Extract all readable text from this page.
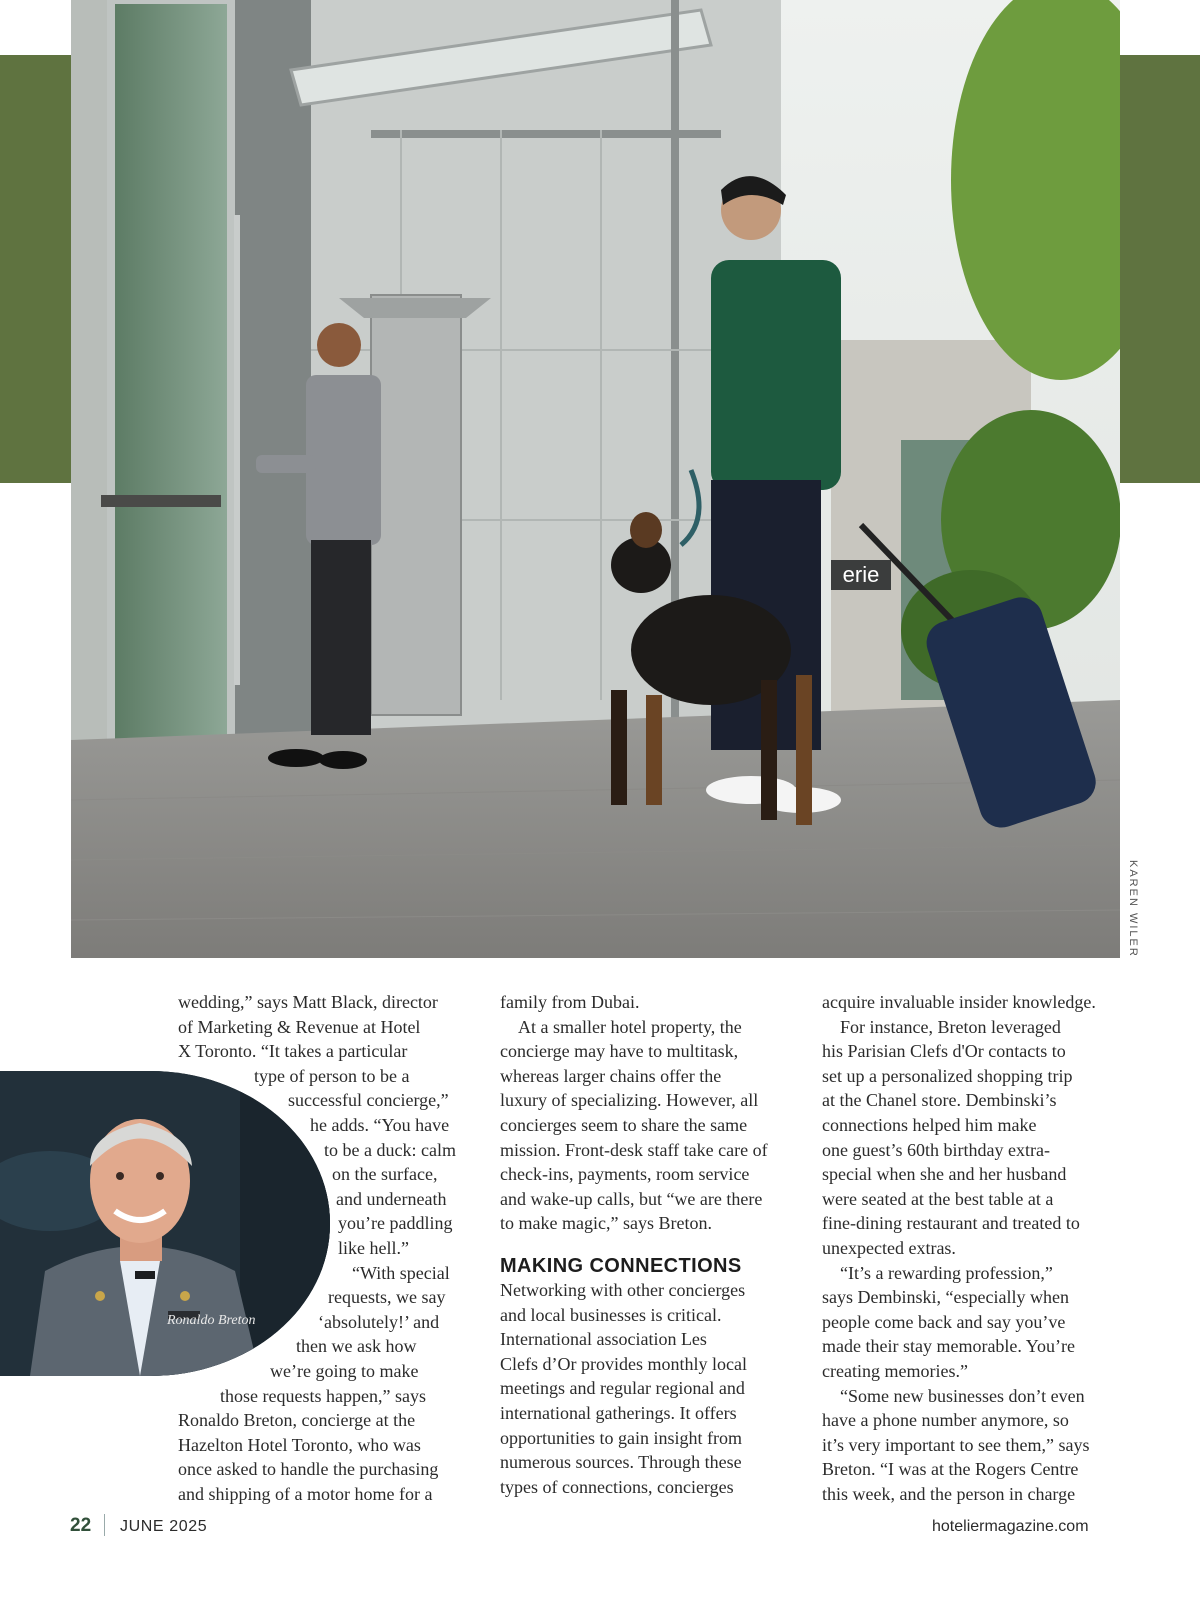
erie
KAREN WILER
wedding,” says Matt Black, director
of Marketing & Revenue at Hotel
X Toronto. “It takes a particular
type of person to be a
successful concierge,”
he adds. “You have
to be a duck: calm
on the surface,
and underneath
you’re paddling
like hell.”
“With special
requests, we say
‘absolutely!’ and
then we ask how
we’re going to make
those requests happen,” says
Ronaldo Breton, concierge at the
Hazelton Hotel Toronto, who was
once asked to handle the purchasing
and shipping of a motor home for a
Ronaldo Breton
family from Dubai.
At a smaller hotel property, the
concierge may have to multitask,
whereas larger chains offer the
luxury of specializing. However, all
concierges seem to share the same
mission. Front-desk staff take care of
check-ins, payments, room service
and wake-up calls, but “we are there
to make magic,” says Breton.

MAKING CONNECTIONS

Networking with other concierges
and local businesses is critical.
International association Les
Clefs d’Or provides monthly local
meetings and regular regional and
international gatherings. It offers
opportunities to gain insight from
numerous sources. Through these
types of connections, concierges
acquire invaluable insider knowledge.
For instance, Breton leveraged
his Parisian Clefs d'Or contacts to
set up a personalized shopping trip
at the Chanel store. Dembinski’s
connections helped him make
one guest’s 60th birthday extra-
special when she and her husband
were seated at the best table at a
fine-dining restaurant and treated to
unexpected extras.
“It’s a rewarding profession,”
says Dembinski, “especially when
people come back and say you’ve
made their stay memorable. You’re
creating memories.”
“Some new businesses don’t even
have a phone number anymore, so
it’s very important to see them,” says
Breton. “I was at the Rogers Centre
this week, and the person in charge
22 JUNE 2025	hoteliermagazine.com
